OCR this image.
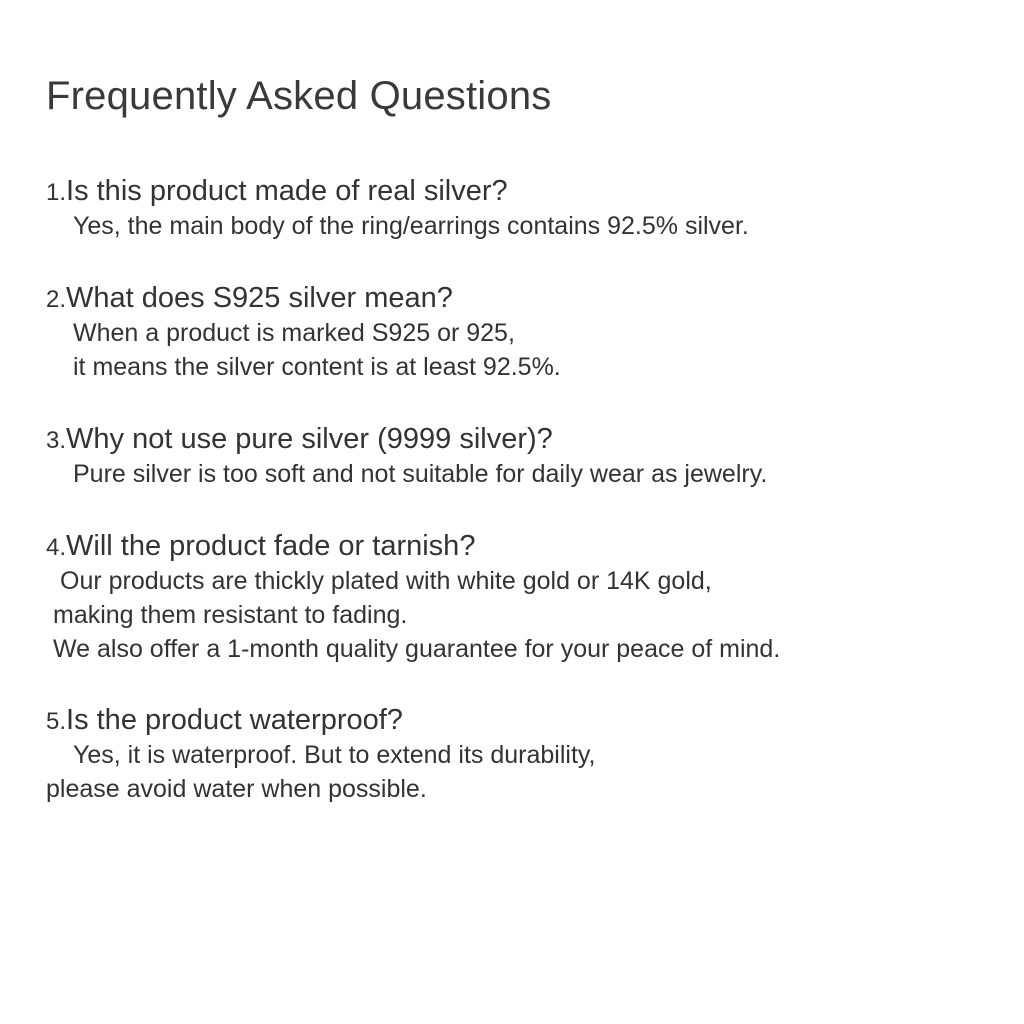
Frequently Asked Questions

1.Is this product made of real silver?

Yes, the main body of the ring/earrings contains 92.5% silver.

2.What does S925 silver mean?

When a product is marked S925 or 925,
it means the silver content is at least 92.5%.

3.Why not use pure silver (9999 silver)?

Pure silver is too soft and not suitable for daily wear as jewelry.

4.Will the product fade or tarnish?

Our products are thickly plated with white gold or 14K gold,
making them resistant to fading.
We also offer a 1-month quality guarantee for your peace of mind.

5.Is the product waterproof?

Yes, it is waterproof. But to extend its durability,
please avoid water when possible.
